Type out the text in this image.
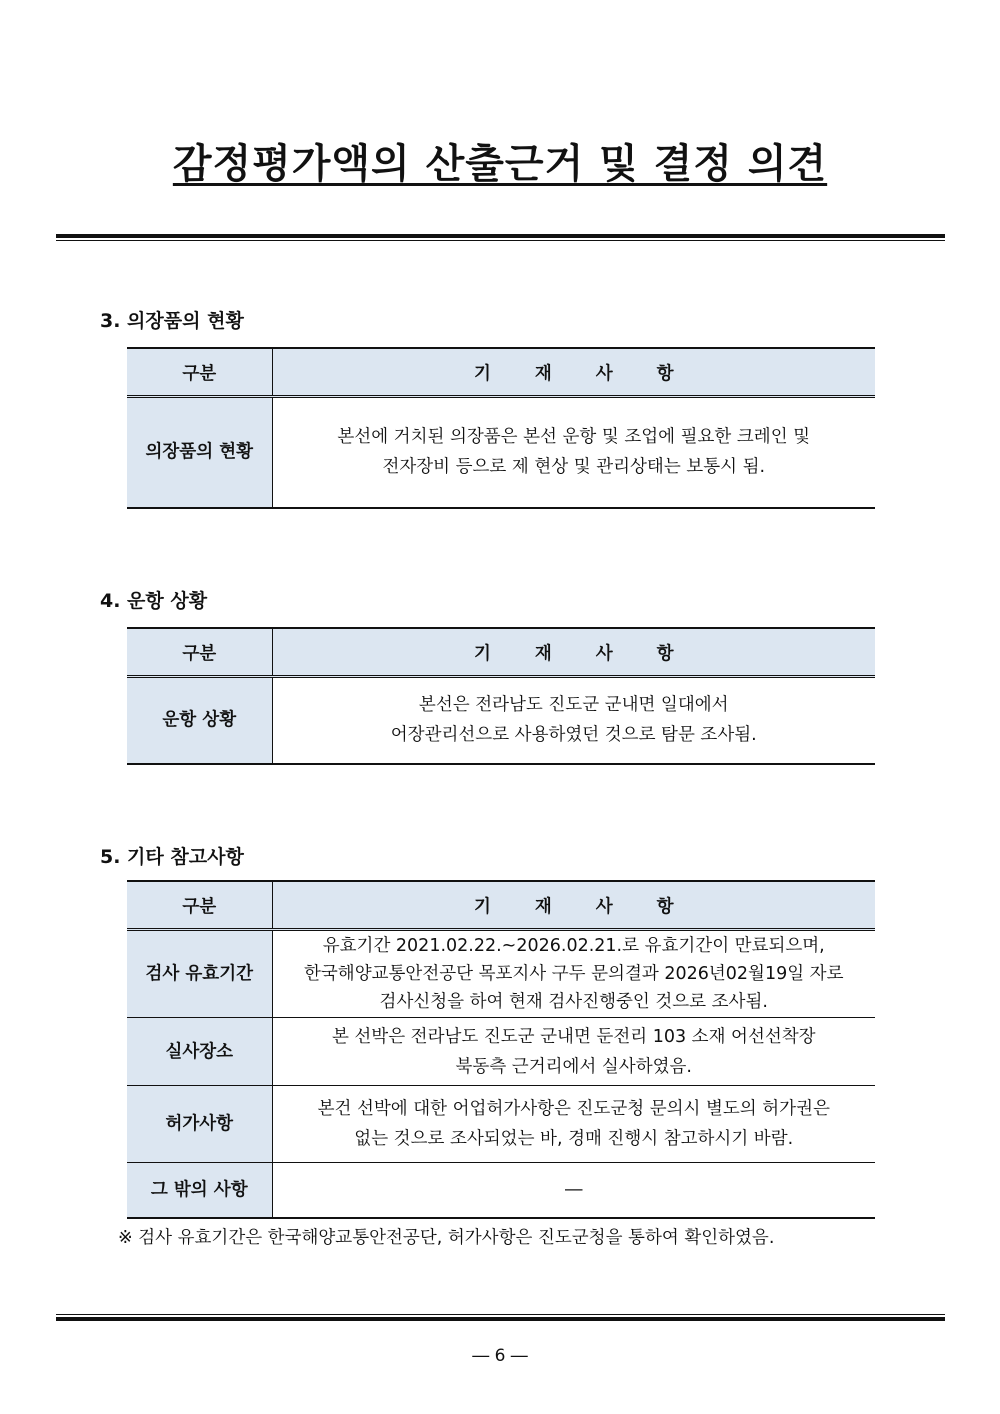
감정평가액의 산출근거 및 결정 의견
3. 의장품의 현황
구분	기 재 사 항
의장품의 현황	본선에 거치된 의장품은 본선 운항 및 조업에 필요한 크레인 및
전자장비 등으로 제 현상 및 관리상태는 보통시 됨.
4. 운항 상황
구분	기 재 사 항
운항 상황	본선은 전라남도 진도군 군내면 일대에서
어장관리선으로 사용하였던 것으로 탐문 조사됨.
5. 기타 참고사항
구분	기 재 사 항
검사 유효기간	유효기간 2021.02.22.~2026.02.21.로 유효기간이 만료되으며,
한국해양교통안전공단 목포지사 구두 문의결과 2026년02월19일 자로
검사신청을 하여 현재 검사진행중인 것으로 조사됨.

실사장소	본 선박은 전라남도 진도군 군내면 둔전리 103 소재 어선선착장
북동측 근거리에서 실사하였음.

허가사항	본건 선박에 대한 어업허가사항은 진도군청 문의시 별도의 허가권은
없는 것으로 조사되었는 바, 경매 진행시 참고하시기 바람.

그 밖의 사항	―
※ 검사 유효기간은 한국해양교통안전공단, 허가사항은 진도군청을 통하여 확인하였음.
― 6 ―
